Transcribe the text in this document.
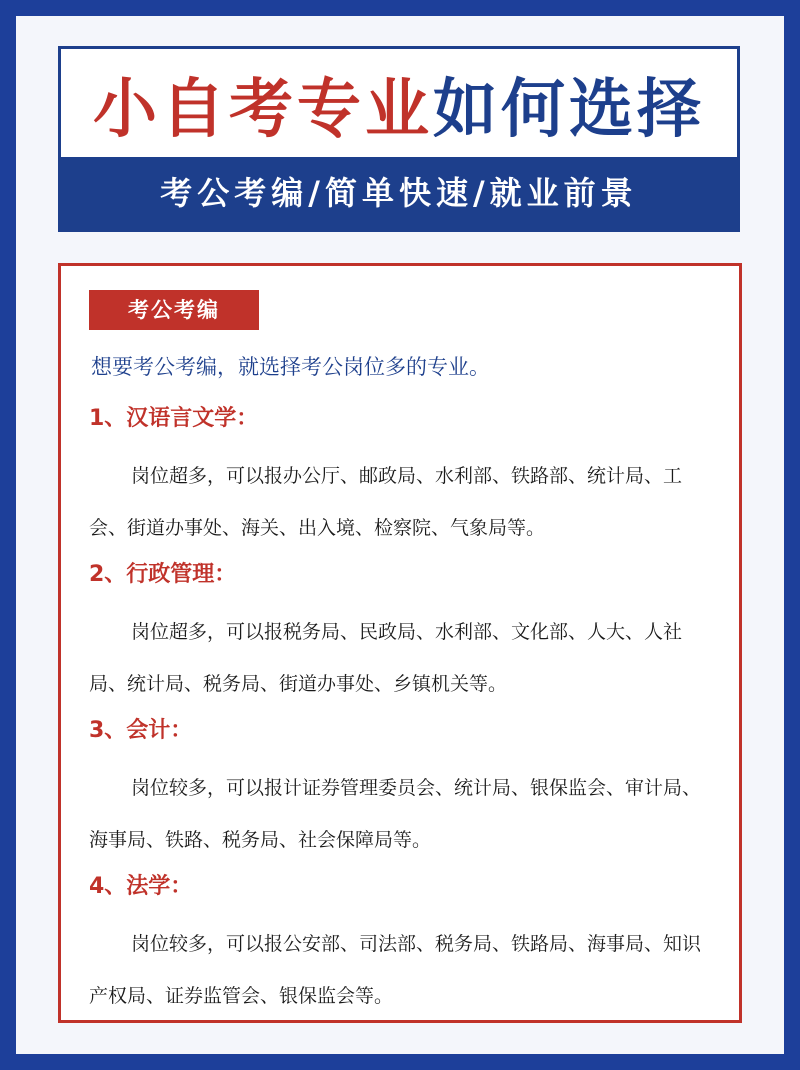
小自考专业如何选择
考公考编/简单快速/就业前景
考公考编
想要考公考编，就选择考公岗位多的专业。
1、汉语言文学：
岗位超多，可以报办公厅、邮政局、水利部、铁路部、统计局、工会、街道办事处、海关、出入境、检察院、气象局等。
2、行政管理：
岗位超多，可以报税务局、民政局、水利部、文化部、人大、人社局、统计局、税务局、街道办事处、乡镇机关等。
3、会计：
岗位较多，可以报计证券管理委员会、统计局、银保监会、审计局、海事局、铁路、税务局、社会保障局等。
4、法学：
岗位较多，可以报公安部、司法部、税务局、铁路局、海事局、知识产权局、证券监管会、银保监会等。
